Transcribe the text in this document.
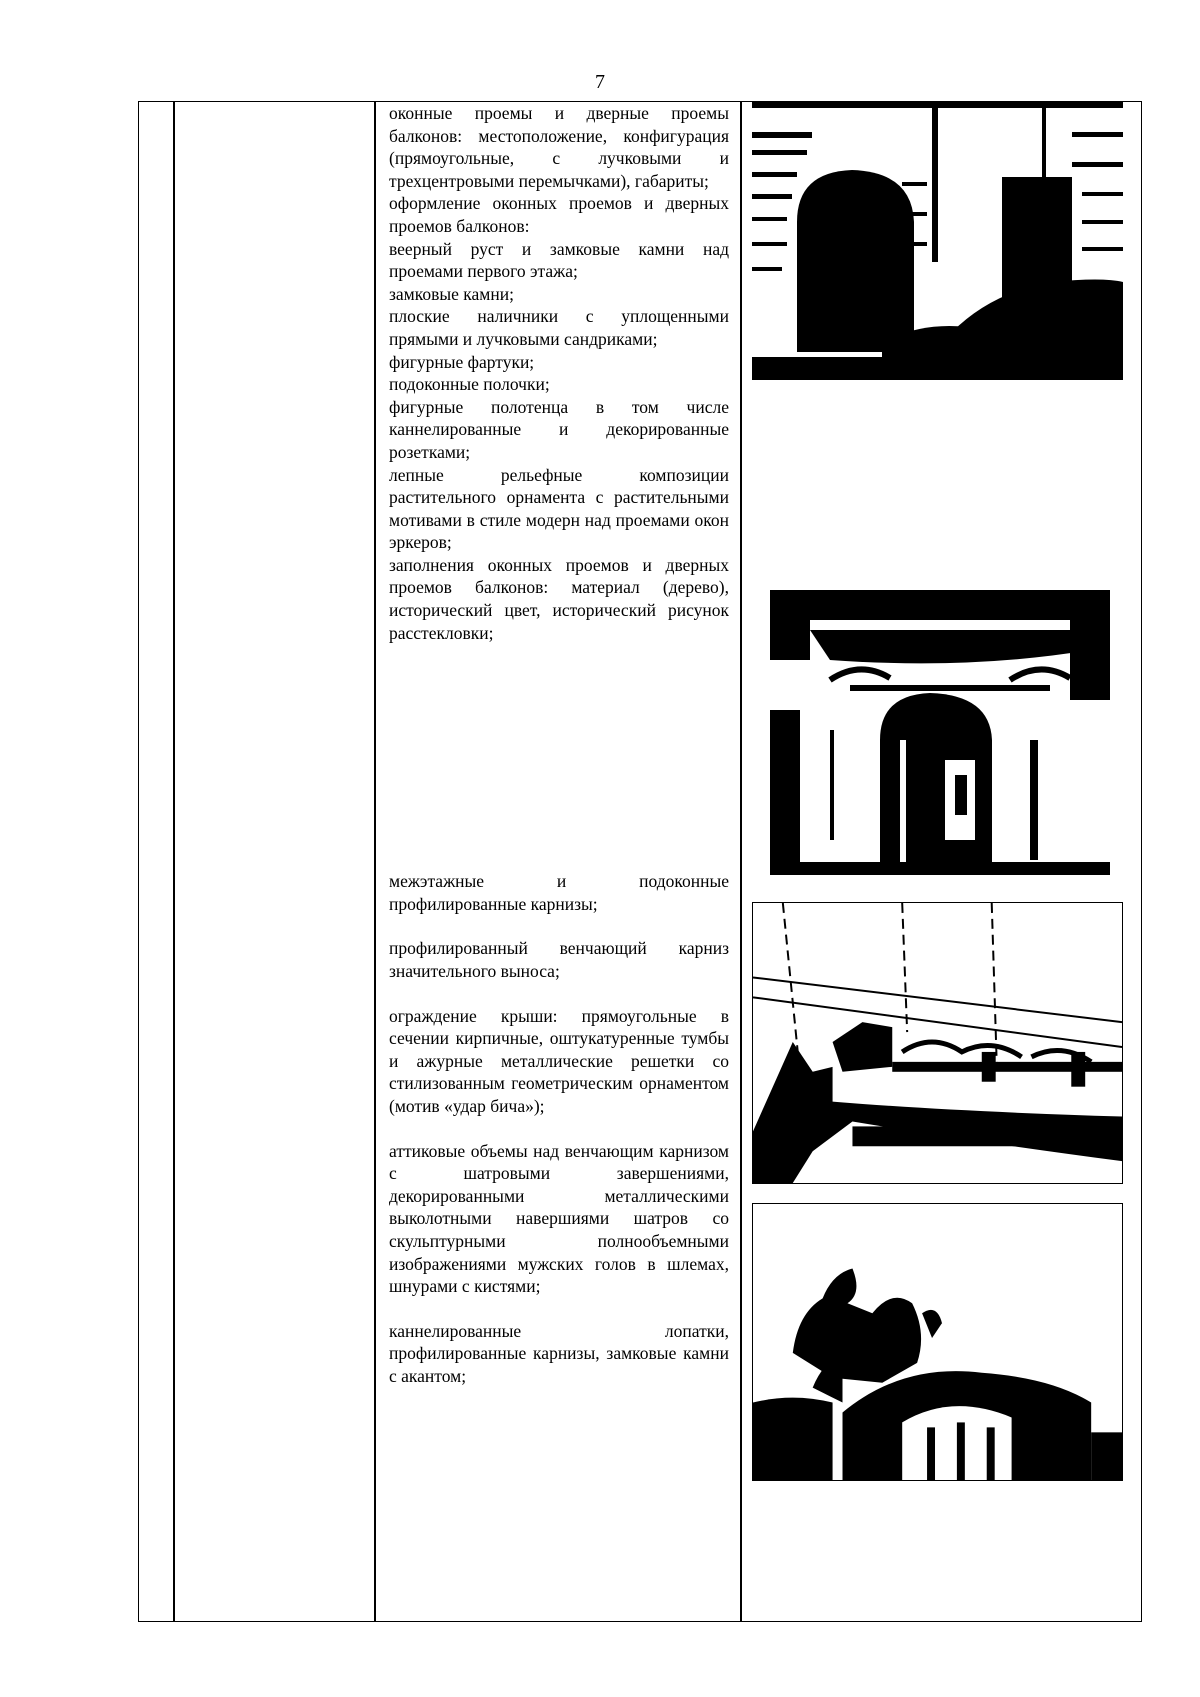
7

оконные проемы и дверные проемы балконов: местоположение, конфигурация (прямоугольные, с лучковыми и трехцентровыми перемычками), габариты;

оформление оконных проемов и дверных проемов балконов:

веерный руст и замковые камни над проемами первого этажа;

замковые камни;

плоские наличники с уплощенными прямыми и лучковыми сандриками;

фигурные фартуки;

подоконные полочки;

фигурные полотенца в том числе каннелированные и декорированные розетками;

лепные рельефные композиции растительного орнамента с растительными мотивами в стиле модерн над проемами окон эркеров;

заполнения оконных проемов и дверных проемов балконов: материал (дерево), исторический цвет, исторический рисунок расстекловки;

межэтажные и подоконные профилированные карнизы;

профилированный венчающий карниз значительного выноса;

ограждение крыши: прямоугольные в сечении кирпичные, оштукатуренные тумбы и ажурные металлические решетки со стилизованным геометрическим орнаментом (мотив «удар бича»);

аттиковые объемы над венчающим карнизом с шатровыми завершениями, декорированными металлическими выколотными навершиями шатров со скульптурными полнообъемными изображениями мужских голов в шлемах, шнурами с кистями;

каннелированные лопатки, профилированные карнизы, замковые камни с акантом;
